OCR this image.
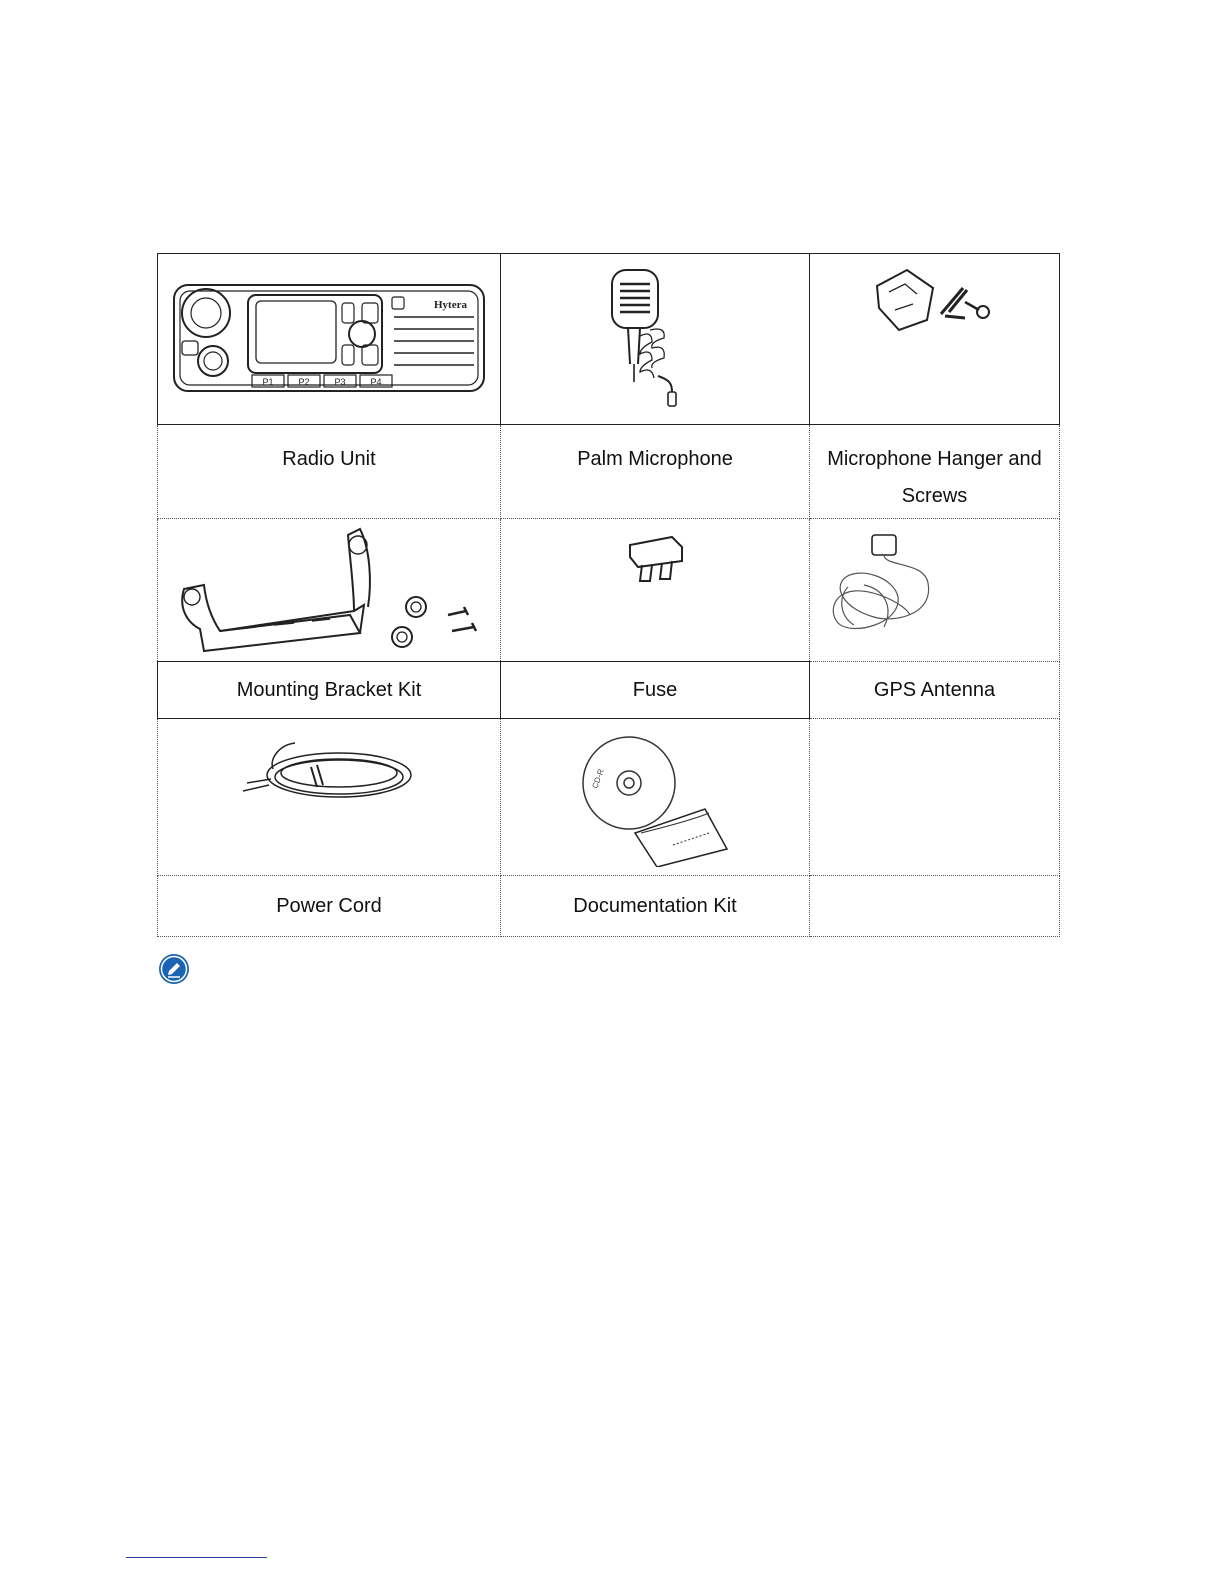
Hytera
P1 P2 P3 P4

Radio Unit	Palm Microphone	Microphone Hanger and Screws

Mounting Bracket Kit	Fuse	GPS Antenna

CD-R	

Power Cord	Documentation Kit	
